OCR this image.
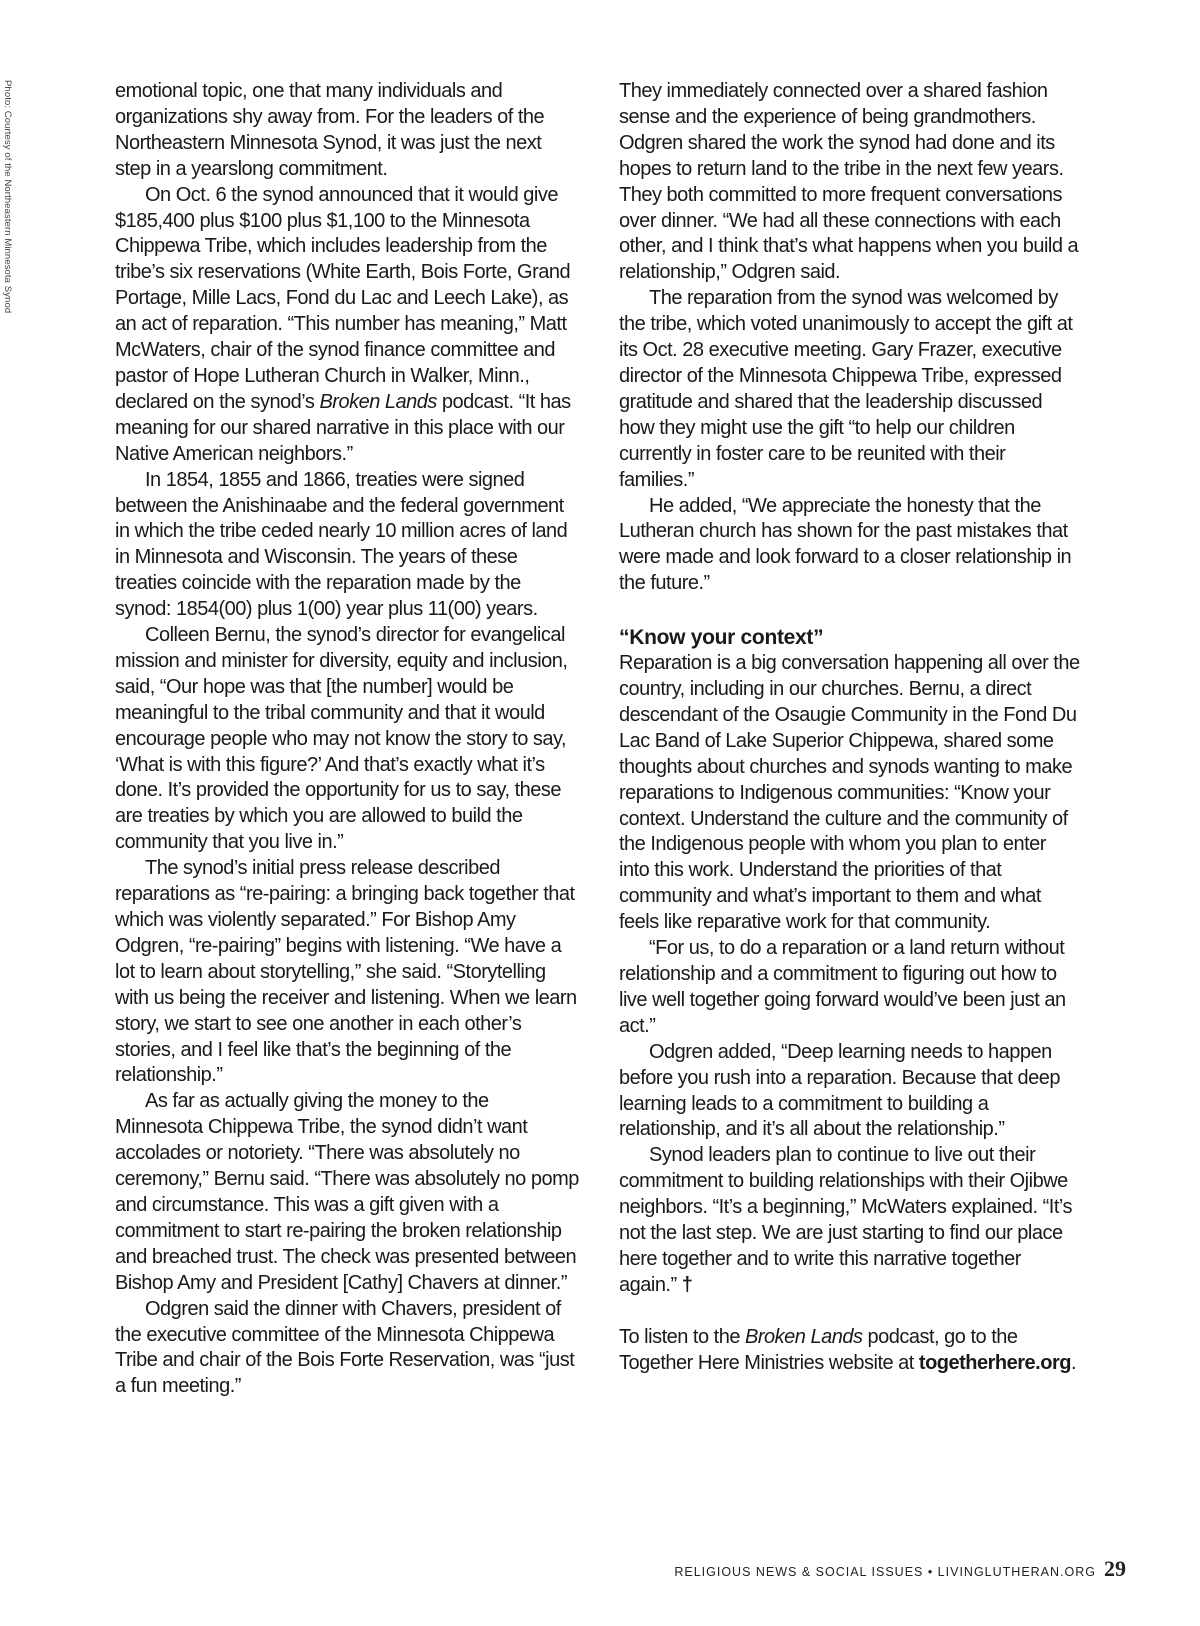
Photo: Courtesy of the Northeastern Minnesota Synod	emotional topic, one that many individuals and organizations shy away from. For the leaders of the Northeastern Minnesota Synod, it was just the next step in a yearslong commitment.

On Oct. 6 the synod announced that it would give $185,400 plus $100 plus $1,100 to the Minnesota Chippewa Tribe, which includes leadership from the tribe’s six reservations (White Earth, Bois Forte, Grand Portage, Mille Lacs, Fond du Lac and Leech Lake), as an act of reparation. “This number has meaning,” Matt McWaters, chair of the synod finance committee and pastor of Hope Lutheran Church in Walker, Minn., declared on the synod’s Broken Lands podcast. “It has meaning for our shared narrative in this place with our Native American neighbors.”

In 1854, 1855 and 1866, treaties were signed between the Anishinaabe and the federal government in which the tribe ceded nearly 10 million acres of land in Minnesota and Wisconsin. The years of these treaties coincide with the reparation made by the synod: 1854(00) plus 1(00) year plus 11(00) years.

Colleen Bernu, the synod’s director for evangelical mission and minister for diversity, equity and inclusion, said, “Our hope was that [the number] would be meaningful to the tribal community and that it would encourage people who may not know the story to say, ‘What is with this figure?’ And that’s exactly what it’s done. It’s provided the opportunity for us to say, these are treaties by which you are allowed to build the community that you live in.”

The synod’s initial press release described reparations as “re-pairing: a bringing back together that which was violently separated.” For Bishop Amy Odgren, “re-pairing” begins with listening. “We have a lot to learn about storytelling,” she said. “Storytelling with us being the receiver and listening. When we learn story, we start to see one another in each other’s stories, and I feel like that’s the beginning of the relationship.”

As far as actually giving the money to the Minnesota Chippewa Tribe, the synod didn’t want accolades or notoriety. “There was absolutely no ceremony,” Bernu said. “There was absolutely no pomp and circumstance. This was a gift given with a commitment to start re-pairing the broken relationship and breached trust. The check was presented between Bishop Amy and President [Cathy] Chavers at dinner.”

Odgren said the dinner with Chavers, president of the executive committee of the Minnesota Chippewa Tribe and chair of the Bois Forte Reservation, was “just a fun meeting.”

They immediately connected over a shared fashion sense and the experience of being grandmothers. Odgren shared the work the synod had done and its hopes to return land to the tribe in the next few years. They both committed to more frequent conversations over dinner. “We had all these connections with each other, and I think that’s what happens when you build a relationship,” Odgren said.

The reparation from the synod was welcomed by the tribe, which voted unanimously to accept the gift at its Oct. 28 executive meeting. Gary Frazer, executive director of the Minnesota Chippewa Tribe, expressed gratitude and shared that the leadership discussed how they might use the gift “to help our children currently in foster care to be reunited with their families.”

He added, “We appreciate the honesty that the Lutheran church has shown for the past mistakes that were made and look forward to a closer relationship in the future.”

“Know your context”

Reparation is a big conversation happening all over the country, including in our churches. Bernu, a direct descendant of the Osaugie Community in the Fond Du Lac Band of Lake Superior Chippewa, shared some thoughts about churches and synods wanting to make reparations to Indigenous communities: “Know your context. Understand the culture and the community of the Indigenous people with whom you plan to enter into this work. Understand the priorities of that community and what’s important to them and what feels like reparative work for that community.

“For us, to do a reparation or a land return without relationship and a commitment to figuring out how to live well together going forward would’ve been just an act.”

Odgren added, “Deep learning needs to happen before you rush into a reparation. Because that deep learning leads to a commitment to building a relationship, and it’s all about the relationship.”

Synod leaders plan to continue to live out their commitment to building relationships with their Ojibwe neighbors. “It’s a beginning,” McWaters explained. “It’s not the last step. We are just starting to find our place here together and to write this narrative together again.” †

To listen to the Broken Lands podcast, go to the Together Here Ministries website at togetherhere.org.

RELIGIOUS NEWS & SOCIAL ISSUES • LIVINGLUTHERAN.ORG 29
